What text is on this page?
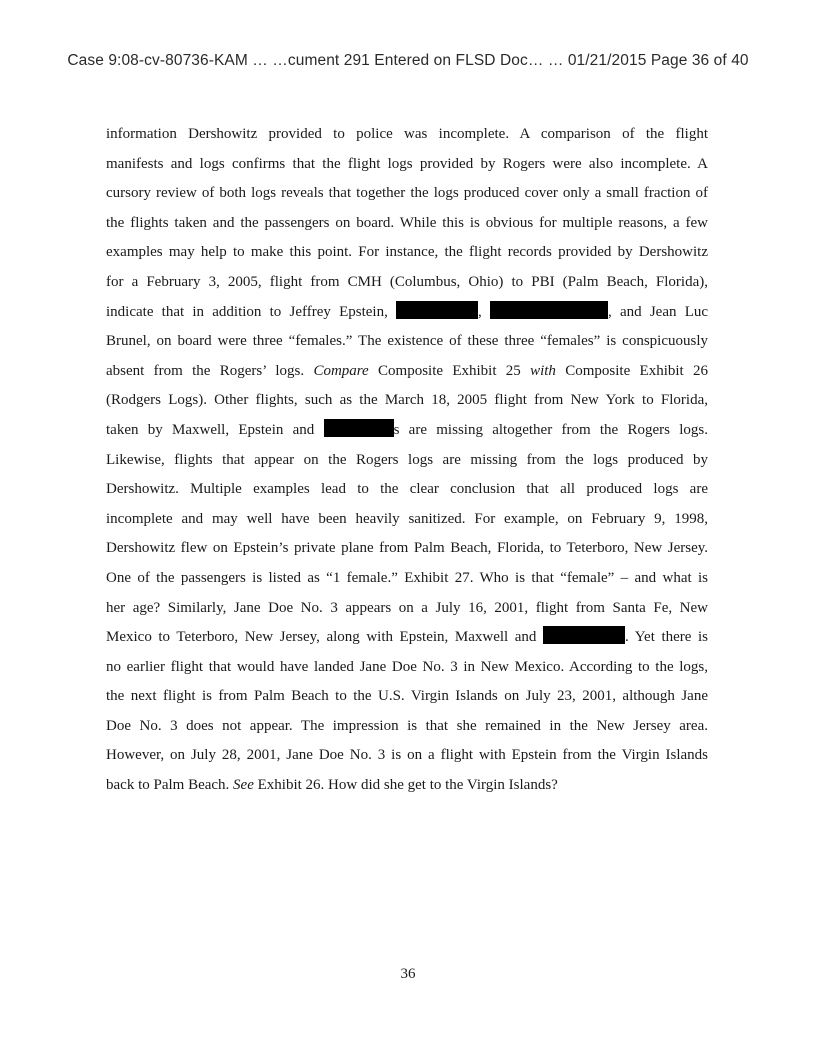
Case 9:08-cv-80736-KAM … …cument 291 Entered on FLSD Doc… … 01/21/2015 Page 36 of 40
information Dershowitz provided to police was incomplete. A comparison of the flight
manifests and logs confirms that the flight logs provided by Rogers were also incomplete. A
cursory review of both logs reveals that together the logs produced cover only a small fraction of
the flights taken and the passengers on board. While this is obvious for multiple reasons, a few
examples may help to make this point. For instance, the flight records provided by Dershowitz
for a February 3, 2005, flight from CMH (Columbus, Ohio) to PBI (Palm Beach, Florida),
indicate that in addition to Jeffrey Epstein,	,	, and Jean Luc
Brunel, on board were three “females.” The existence of these three “females” is conspicuously
absent from the Rogers’ logs. Compare Composite Exhibit 25 with Composite Exhibit 26
(Rodgers Logs). Other flights, such as the March 18, 2005 flight from New York to Florida,
taken by Maxwell, Epstein and	s are missing altogether from the Rogers logs.
Likewise, flights that appear on the Rogers logs are missing from the logs produced by
Dershowitz. Multiple examples lead to the clear conclusion that all produced logs are
incomplete and may well have been heavily sanitized. For example, on February 9, 1998,
Dershowitz flew on Epstein’s private plane from Palm Beach, Florida, to Teterboro, New Jersey.
One of the passengers is listed as “1 female.” Exhibit 27. Who is that “female” – and what is
her age? Similarly, Jane Doe No. 3 appears on a July 16, 2001, flight from Santa Fe, New
Mexico to Teterboro, New Jersey, along with Epstein, Maxwell and	. Yet there is
no earlier flight that would have landed Jane Doe No. 3 in New Mexico. According to the logs,
the next flight is from Palm Beach to the U.S. Virgin Islands on July 23, 2001, although Jane
Doe No. 3 does not appear. The impression is that she remained in the New Jersey area.
However, on July 28, 2001, Jane Doe No. 3 is on a flight with Epstein from the Virgin Islands
back to Palm Beach. See Exhibit 26. How did she get to the Virgin Islands?
36
